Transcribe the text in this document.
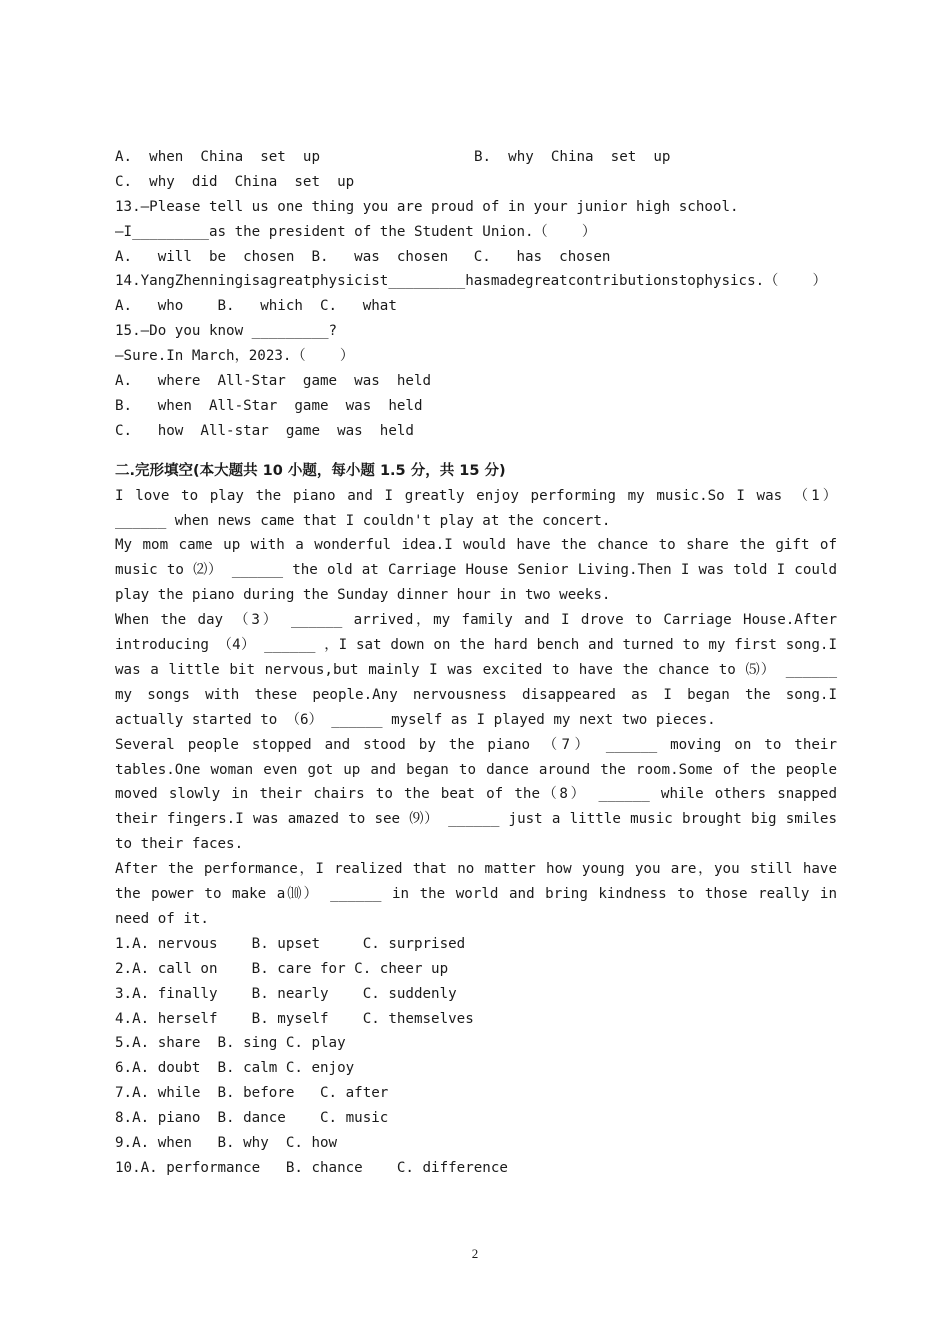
A.  when  China  set  up	B.  why  China  set  up
C.  why  did  China  set  up
13.—Please tell us one thing you are proud of in your junior high school.
—I_________as the president of the Student Union.（    ）
A.   will  be  chosen  B.   was  chosen   C.   has  chosen
14.YangZhenningisagreatphysicist_________hasmadegreatcontributionstophysics.（    ）
A.   who    B.   which  C.   what
15.—Do you know _________?
—Sure.In March，2023.（    ）
A.   where  All-Star  game  was  held
B.   when  All-Star  game  was  held
C.   how  All-star  game  was  held
二.完形填空(本大题共 10 小题，每小题 1.5 分，共 15 分)
I love to play the piano and I greatly enjoy performing my music.So I was （1） ______ when news came that I couldn't play at the concert.
My mom came up with a wonderful idea.I would have the chance to share the gift of music to ⑵） ______ the old at Carriage House Senior Living.Then I was told I could play the piano during the Sunday dinner hour in two weeks.
When the day （3） ______ arrived，my family and I drove to Carriage House.After introducing （4） ______ ，I sat down on the hard bench and turned to my first song.I was a little bit nervous,but mainly I was excited to have the chance to ⑸） ______ my songs with these people.Any nervousness disappeared as I began the song.I actually started to （6） ______ myself as I played my next two pieces.
Several people stopped and stood by the piano （7） ______ moving on to their tables.One woman even got up and began to dance around the room.Some of the people moved slowly in their chairs to the beat of the（8） ______ while others snapped their fingers.I was amazed to see ⑼） ______ just a little music brought big smiles to their faces.
After the performance，I realized that no matter how young you are，you still have the power to make a⑽） ______ in the world and bring kindness to those really in need of it.
1.A. nervous    B. upset     C. surprised
2.A. call on    B. care for C. cheer up
3.A. finally    B. nearly    C. suddenly
4.A. herself    B. myself    C. themselves
5.A. share  B. sing C. play
6.A. doubt  B. calm C. enjoy
7.A. while  B. before   C. after
8.A. piano  B. dance    C. music
9.A. when   B. why  C. how
10.A. performance   B. chance    C. difference
2
